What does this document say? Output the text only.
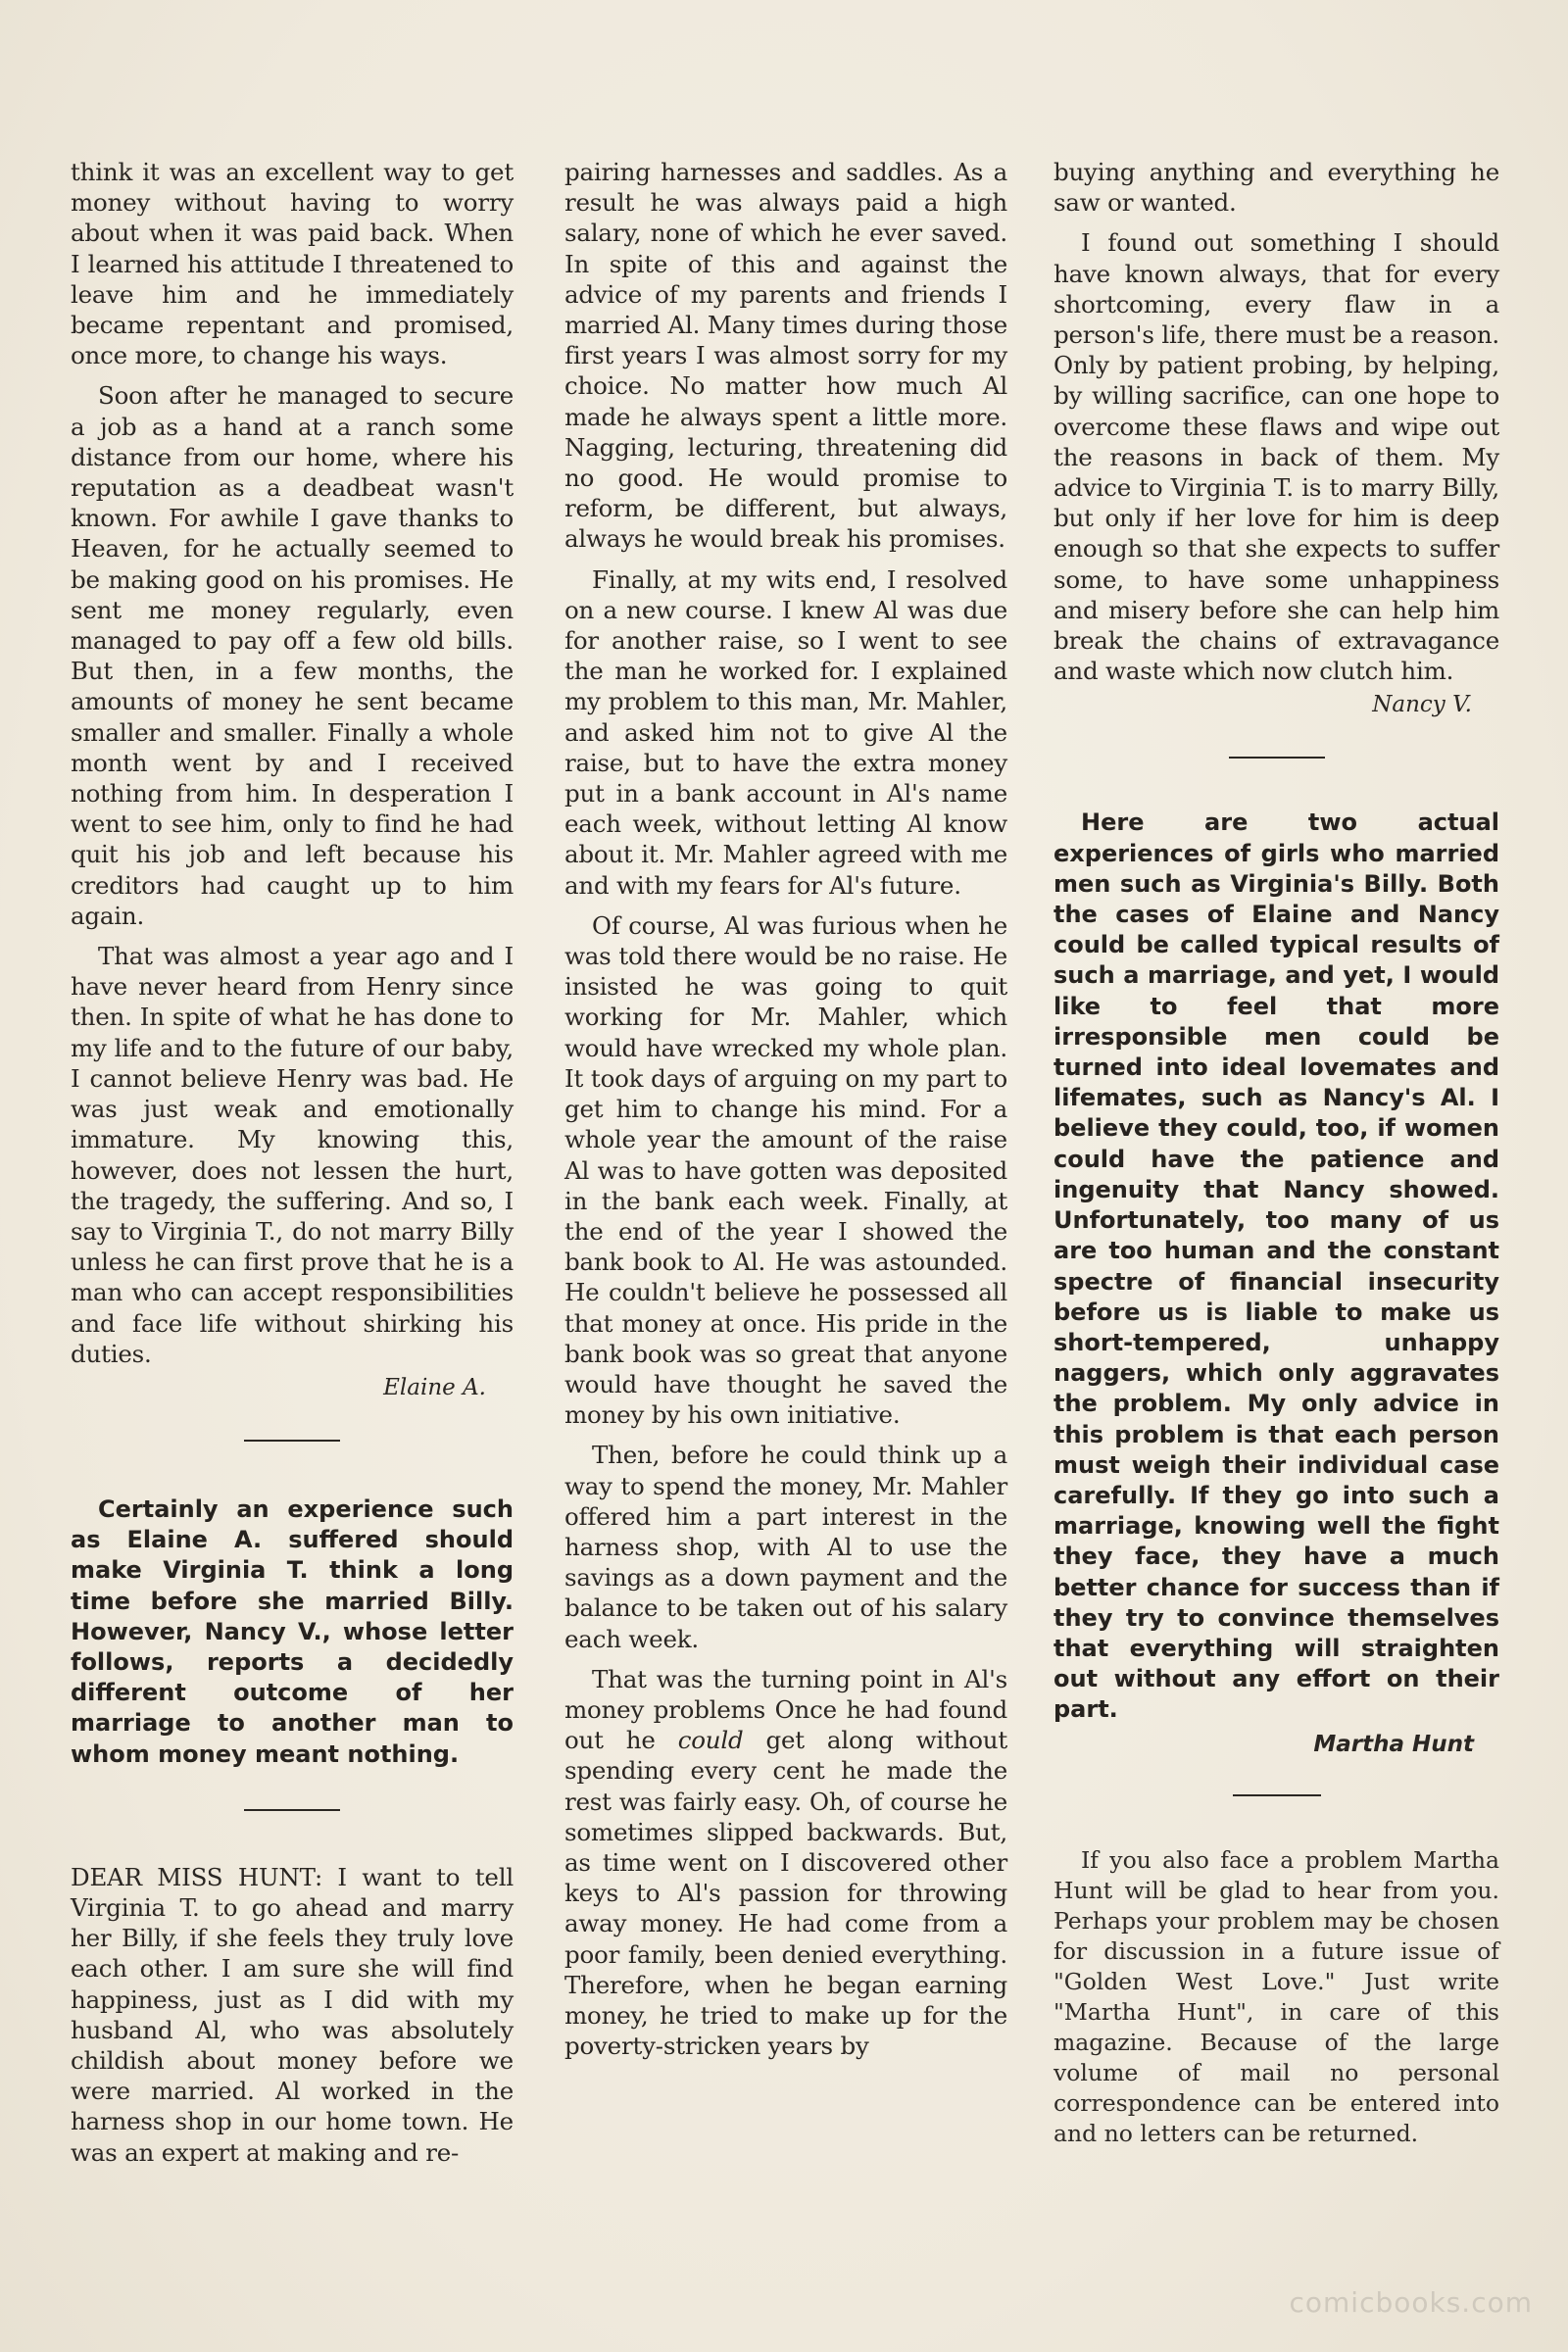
think it was an excellent way to get money without having to worry about when it was paid back. When I learned his attitude I threatened to leave him and he immediately became repentant and promised, once more, to change his ways.

Soon after he managed to secure a job as a hand at a ranch some distance from our home, where his reputation as a deadbeat wasn't known. For awhile I gave thanks to Heaven, for he actually seemed to be making good on his promises. He sent me money regularly, even managed to pay off a few old bills. But then, in a few months, the amounts of money he sent became smaller and smaller. Finally a whole month went by and I received nothing from him. In desperation I went to see him, only to find he had quit his job and left because his creditors had caught up to him again.

That was almost a year ago and I have never heard from Henry since then. In spite of what he has done to my life and to the future of our baby, I cannot believe Henry was bad. He was just weak and emotionally immature. My knowing this, however, does not lessen the hurt, the tragedy, the suffering. And so, I say to Virginia T., do not marry Billy unless he can first prove that he is a man who can accept responsibilities and face life without shirking his duties.

Elaine A.

Certainly an experience such as Elaine A. suffered should make Virginia T. think a long time before she married Billy. However, Nancy V., whose letter follows, reports a decidedly different outcome of her marriage to another man to whom money meant nothing.

DEAR MISS HUNT: I want to tell Virginia T. to go ahead and marry her Billy, if she feels they truly love each other. I am sure she will find happiness, just as I did with my husband Al, who was absolutely childish about money before we were married. Al worked in the harness shop in our home town. He was an expert at making and re-

pairing harnesses and saddles. As a result he was always paid a high salary, none of which he ever saved. In spite of this and against the advice of my parents and friends I married Al. Many times during those first years I was almost sorry for my choice. No matter how much Al made he always spent a little more. Nagging, lecturing, threatening did no good. He would promise to reform, be different, but always, always he would break his promises.

Finally, at my wits end, I resolved on a new course. I knew Al was due for another raise, so I went to see the man he worked for. I explained my problem to this man, Mr. Mahler, and asked him not to give Al the raise, but to have the extra money put in a bank account in Al's name each week, without letting Al know about it. Mr. Mahler agreed with me and with my fears for Al's future.

Of course, Al was furious when he was told there would be no raise. He insisted he was going to quit working for Mr. Mahler, which would have wrecked my whole plan. It took days of arguing on my part to get him to change his mind. For a whole year the amount of the raise Al was to have gotten was deposited in the bank each week. Finally, at the end of the year I showed the bank book to Al. He was astounded. He couldn't believe he possessed all that money at once. His pride in the bank book was so great that anyone would have thought he saved the money by his own initiative.

Then, before he could think up a way to spend the money, Mr. Mahler offered him a part interest in the harness shop, with Al to use the savings as a down payment and the balance to be taken out of his salary each week.

That was the turning point in Al's money problems Once he had found out he could get along without spending every cent he made the rest was fairly easy. Oh, of course he sometimes slipped backwards. But, as time went on I discovered other keys to Al's passion for throwing away money. He had come from a poor family, been denied everything. Therefore, when he began earning money, he tried to make up for the poverty-stricken years by

buying anything and everything he saw or wanted.

I found out something I should have known always, that for every shortcoming, every flaw in a person's life, there must be a reason. Only by patient probing, by helping, by willing sacrifice, can one hope to overcome these flaws and wipe out the reasons in back of them. My advice to Virginia T. is to marry Billy, but only if her love for him is deep enough so that she expects to suffer some, to have some unhappiness and misery before she can help him break the chains of extravagance and waste which now clutch him.

Nancy V.

Here are two actual experiences of girls who married men such as Virginia's Billy. Both the cases of Elaine and Nancy could be called typical results of such a marriage, and yet, I would like to feel that more irresponsible men could be turned into ideal lovemates and lifemates, such as Nancy's Al. I believe they could, too, if women could have the patience and ingenuity that Nancy showed. Unfortunately, too many of us are too human and the constant spectre of financial insecurity before us is liable to make us short-tempered, unhappy naggers, which only aggravates the problem. My only advice in this problem is that each person must weigh their individual case carefully. If they go into such a marriage, knowing well the fight they face, they have a much better chance for success than if they try to convince themselves that everything will straighten out without any effort on their part.

Martha Hunt

If you also face a problem Martha Hunt will be glad to hear from you. Perhaps your problem may be chosen for discussion in a future issue of "Golden West Love." Just write "Martha Hunt", in care of this magazine. Because of the large volume of mail no personal correspondence can be entered into and no letters can be returned.

comicbooks.com
